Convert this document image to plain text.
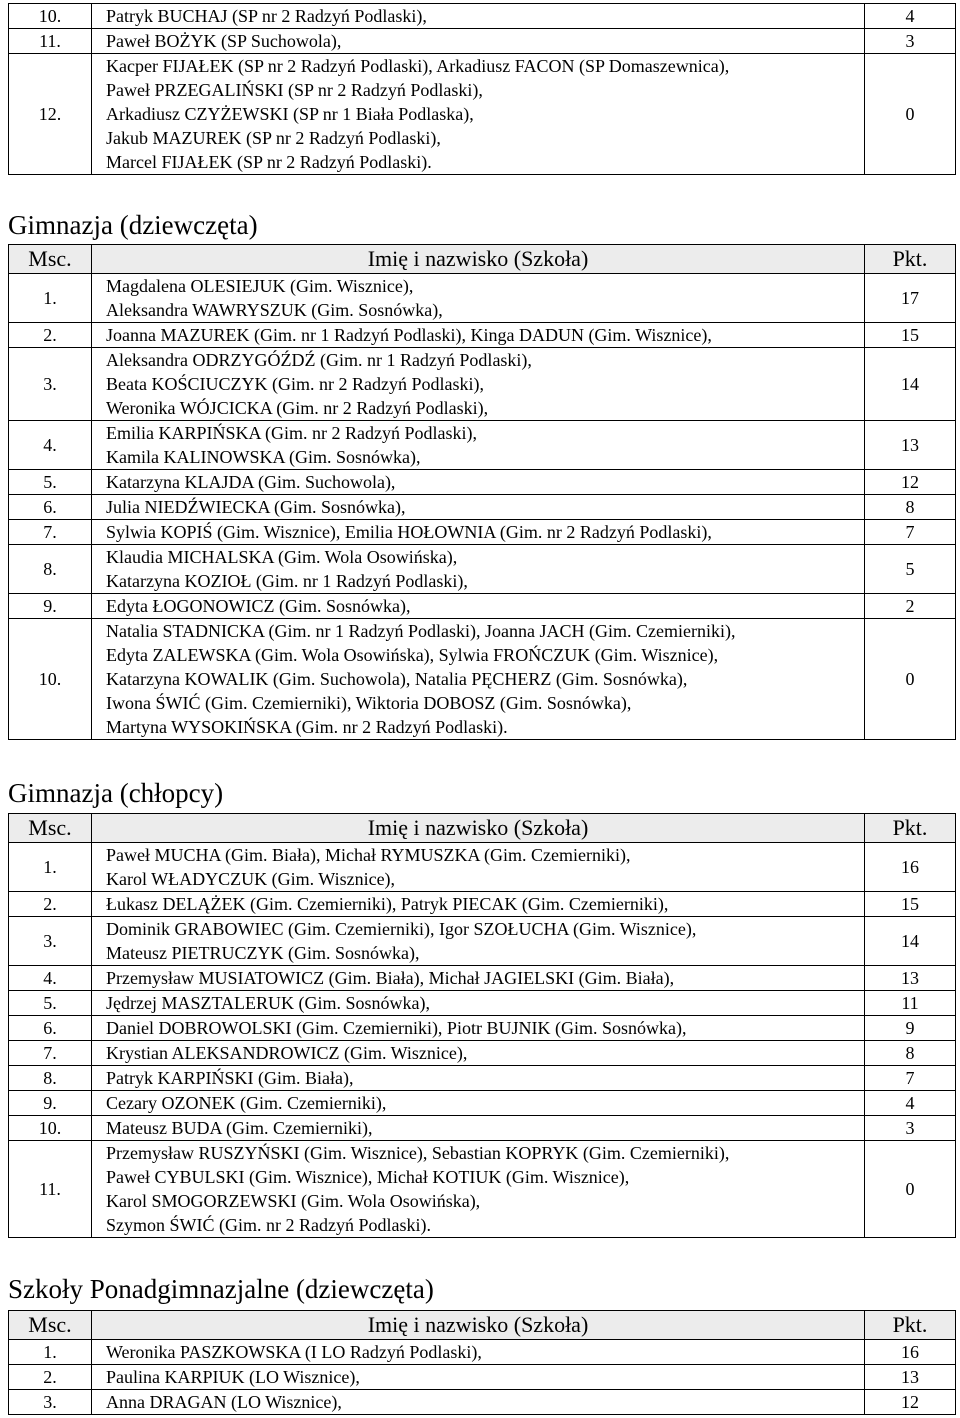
10.	Patryk BUCHAJ (SP nr 2 Radzyń Podlaski),	4
11.	Paweł BOŻYK (SP Suchowola),	3
12.	Kacper FIJAŁEK (SP nr 2 Radzyń Podlaski), Arkadiusz FACON (SP Domaszewnica),
Paweł PRZEGALIŃSKI (SP nr 2 Radzyń Podlaski),
Arkadiusz CZYŻEWSKI (SP nr 1 Biała Podlaska),
Jakub MAZUREK (SP nr 2 Radzyń Podlaski),
Marcel FIJAŁEK (SP nr 2 Radzyń Podlaski).	0
Gimnazja (dziewczęta)
Msc.	Imię i nazwisko (Szkoła)	Pkt.
1.	Magdalena OLESIEJUK (Gim. Wisznice),
Aleksandra WAWRYSZUK (Gim. Sosnówka),	17
2.	Joanna MAZUREK (Gim. nr 1 Radzyń Podlaski), Kinga DADUN (Gim. Wisznice),	15
3.	Aleksandra ODRZYGÓŹDŹ (Gim. nr 1 Radzyń Podlaski),
Beata KOŚCIUCZYK (Gim. nr 2 Radzyń Podlaski),
Weronika WÓJCICKA (Gim. nr 2 Radzyń Podlaski),	14
4.	Emilia KARPIŃSKA (Gim. nr 2 Radzyń Podlaski),
Kamila KALINOWSKA (Gim. Sosnówka),	13
5.	Katarzyna KLAJDA (Gim. Suchowola),	12
6.	Julia NIEDŹWIECKA (Gim. Sosnówka),	8
7.	Sylwia KOPIŚ (Gim. Wisznice), Emilia HOŁOWNIA (Gim. nr 2 Radzyń Podlaski),	7
8.	Klaudia MICHALSKA (Gim. Wola Osowińska),
Katarzyna KOZIOŁ (Gim. nr 1 Radzyń Podlaski),	5
9.	Edyta ŁOGONOWICZ (Gim. Sosnówka),	2
10.	Natalia STADNICKA (Gim. nr 1 Radzyń Podlaski), Joanna JACH (Gim. Czemierniki),
Edyta ZALEWSKA (Gim. Wola Osowińska), Sylwia FROŃCZUK (Gim. Wisznice),
Katarzyna KOWALIK (Gim. Suchowola), Natalia PĘCHERZ (Gim. Sosnówka),
Iwona ŚWIĆ (Gim. Czemierniki), Wiktoria DOBOSZ (Gim. Sosnówka),
Martyna WYSOKIŃSKA (Gim. nr 2 Radzyń Podlaski).	0
Gimnazja (chłopcy)
Msc.	Imię i nazwisko (Szkoła)	Pkt.
1.	Paweł MUCHA (Gim. Biała), Michał RYMUSZKA (Gim. Czemierniki),
Karol WŁADYCZUK (Gim. Wisznice),	16
2.	Łukasz DELĄŻEK (Gim. Czemierniki), Patryk PIECAK (Gim. Czemierniki),	15
3.	Dominik GRABOWIEC (Gim. Czemierniki), Igor SZOŁUCHA (Gim. Wisznice),
Mateusz PIETRUCZYK (Gim. Sosnówka),	14
4.	Przemysław MUSIATOWICZ (Gim. Biała), Michał JAGIELSKI (Gim. Biała),	13
5.	Jędrzej MASZTALERUK (Gim. Sosnówka),	11
6.	Daniel DOBROWOLSKI (Gim. Czemierniki), Piotr BUJNIK (Gim. Sosnówka),	9
7.	Krystian ALEKSANDROWICZ (Gim. Wisznice),	8
8.	Patryk KARPIŃSKI (Gim. Biała),	7
9.	Cezary OZONEK (Gim. Czemierniki),	4
10.	Mateusz BUDA (Gim. Czemierniki),	3
11.	Przemysław RUSZYŃSKI (Gim. Wisznice), Sebastian KOPRYK (Gim. Czemierniki),
Paweł CYBULSKI (Gim. Wisznice), Michał KOTIUK (Gim. Wisznice),
Karol SMOGORZEWSKI (Gim. Wola Osowińska),
Szymon ŚWIĆ (Gim. nr 2 Radzyń Podlaski).	0
Szkoły Ponadgimnazjalne (dziewczęta)
Msc.	Imię i nazwisko (Szkoła)	Pkt.
1.	Weronika PASZKOWSKA (I LO Radzyń Podlaski),	16
2.	Paulina KARPIUK (LO Wisznice),	13
3.	Anna DRAGAN (LO Wisznice),	12
